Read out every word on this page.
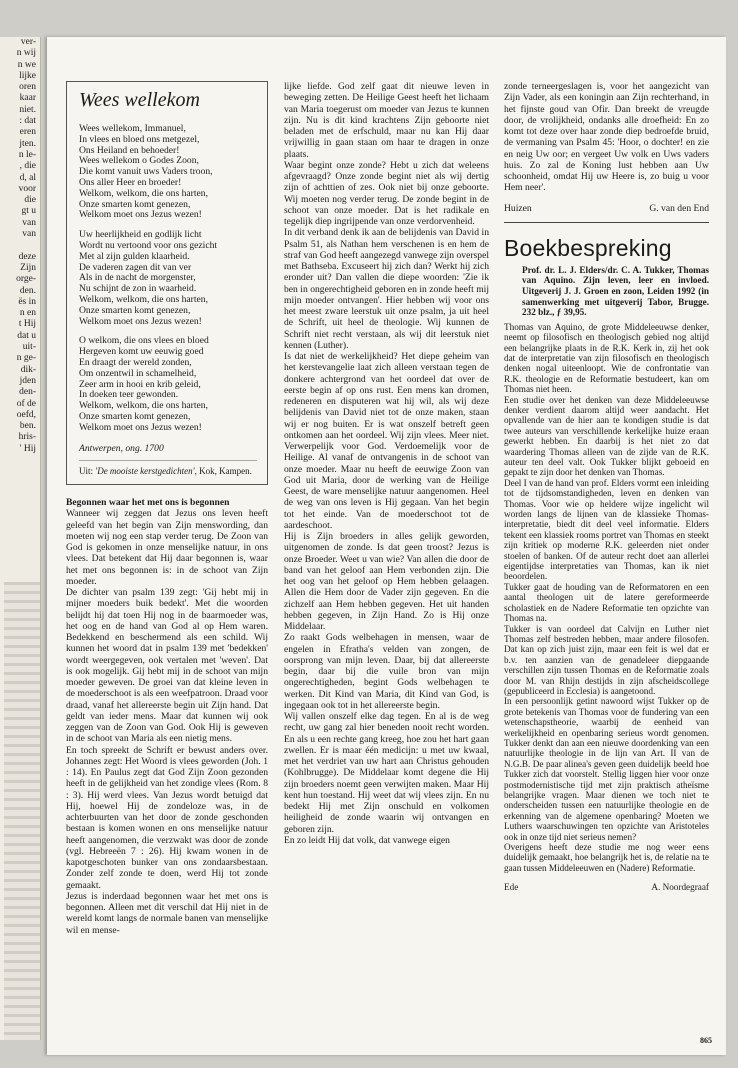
ver-
n wij
n we
lijke
oren
kaar
niet.
: dat
eren
jten.
n le-
, die
d, al
voor
die
gt u
van
van

deze
Zijn
orge-
den.
ës in
n en
t Hij
dat u
uit-
n ge-
dik-
jden
den-
of de
oefd,
ben.
hris-
' Hij
Wees wellekom
Wees wellekom, Immanuel,
In vlees en bloed ons metgezel,
Ons Heiland en behoeder!
Wees wellekom o Godes Zoon,
Die komt vanuit uws Vaders troon,
Ons aller Heer en broeder!
Welkom, welkom, die ons harten,
Onze smarten komt genezen,
Welkom moet ons Jezus wezen!
Uw heerlijkheid en godlijk licht
Wordt nu vertoond voor ons gezicht
Met al zijn gulden klaarheid.
De vaderen zagen dit van ver
Als in de nacht de morgenster,
Nu schijnt de zon in waarheid.
Welkom, welkom, die ons harten,
Onze smarten komt genezen,
Welkom moet ons Jezus wezen!
O welkom, die ons vlees en bloed
Hergeven komt uw eeuwig goed
En draagt der wereld zonden,
Om onzentwil in schamelheid,
Zeer arm in hooi en krib geleid,
In doeken teer gewonden.
Welkom, welkom, die ons harten,
Onze smarten komt genezen,
Welkom moet ons Jezus wezen!
Antwerpen, ong. 1700
Uit: 'De mooiste kerstgedichten', Kok, Kampen.

Begonnen waar het met ons is begonnen

Wanneer wij zeggen dat Jezus ons leven heeft geleefd van het begin van Zijn menswording, dan moeten wij nog een stap verder terug. De Zoon van God is gekomen in onze menselijke natuur, in ons vlees. Dat betekent dat Hij daar begonnen is, waar het met ons begonnen is: in de schoot van Zijn moeder.

De dichter van psalm 139 zegt: 'Gij hebt mij in mijner moeders buik bedekt'. Met die woorden belijdt hij dat toen Hij nog in de baarmoeder was, het oog en de hand van God al op Hem waren. Bedekkend en beschermend als een schild. Wij kunnen het woord dat in psalm 139 met 'bedekken' wordt weergegeven, ook vertalen met 'weven'. Dat is ook mogelijk. Gij hebt mij in de schoot van mijn moeder geweven. De groei van dat kleine leven in de moederschoot is als een weefpatroon. Draad voor draad, vanaf het allereerste begin uit Zijn hand. Dat geldt van ieder mens. Maar dat kunnen wij ook zeggen van de Zoon van God. Ook Hij is geweven in de schoot van Maria als een nietig mens.

En toch spreekt de Schrift er bewust anders over. Johannes zegt: Het Woord is vlees geworden (Joh. 1 : 14). En Paulus zegt dat God Zijn Zoon gezonden heeft in de gelijkheid van het zondige vlees (Rom. 8 : 3). Hij werd vlees. Van Jezus wordt betuigd dat Hij, hoewel Hij de zondeloze was, in de achterbuurten van het door de zonde geschonden bestaan is komen wonen en ons menselijke natuur heeft aangenomen, die verzwakt was door de zonde (vgl. Hebreeën 7 : 26). Hij kwam wonen in de kapotgeschoten bunker van ons zondaarsbestaan. Zonder zelf zonde te doen, werd Hij tot zonde gemaakt.

Jezus is inderdaad begonnen waar het met ons is begonnen. Alleen met dit verschil dat Hij niet in de wereld komt langs de normale banen van menselijke wil en mense-

lijke liefde. God zelf gaat dit nieuwe leven in beweging zetten. De Heilige Geest heeft het lichaam van Maria toegerust om moeder van Jezus te kunnen zijn. Nu is dit kind krachtens Zijn geboorte niet beladen met de erfschuld, maar nu kan Hij daar vrijwillig in gaan staan om haar te dragen in onze plaats.

Waar begint onze zonde? Hebt u zich dat weleens afgevraagd? Onze zonde begint niet als wij dertig zijn of achttien of zes. Ook niet bij onze geboorte. Wij moeten nog verder terug. De zonde begint in de schoot van onze moeder. Dat is het radikale en tegelijk diep ingrijpende van onze verdorvenheid.

In dit verband denk ik aan de belijdenis van David in Psalm 51, als Nathan hem verschenen is en hem de straf van God heeft aangezegd vanwege zijn overspel met Bathseba. Excuseert hij zich dan? Werkt hij zich eronder uit? Dan vallen die diepe woorden: 'Zie ik ben in ongerechtigheid geboren en in zonde heeft mij mijn moeder ontvangen'. Hier hebben wij voor ons het meest zware leerstuk uit onze psalm, ja uit heel de Schrift, uit heel de theologie. Wij kunnen de Schrift niet recht verstaan, als wij dit leerstuk niet kennen (Luther).

Is dat niet de werkelijkheid? Het diepe geheim van het kerstevangelie laat zich alleen verstaan tegen de donkere achtergrond van het oordeel dat over de eerste begin af op ons rust. Een mens kan dromen, redeneren en disputeren wat hij wil, als wij deze belijdenis van David niet tot de onze maken, staan wij er nog buiten. Er is wat onszelf betreft geen ontkomen aan het oordeel. Wij zijn vlees. Meer niet. Verwerpelijk voor God. Verdoemelijk voor de Heilige. Al vanaf de ontvangenis in de schoot van onze moeder. Maar nu heeft de eeuwige Zoon van God uit Maria, door de werking van de Heilige Geest, de ware menselijke natuur aangenomen. Heel de weg van ons leven is Hij gegaan. Van het begin tot het einde. Van de moederschoot tot de aardeschoot.

Hij is Zijn broeders in alles gelijk geworden, uitgenomen de zonde. Is dat geen troost? Jezus is onze Broeder. Weet u van wie? Van allen die door de band van het geloof aan Hem verbonden zijn. Die het oog van het geloof op Hem hebben gelaagen. Allen die Hem door de Vader zijn gegeven. En die zichzelf aan Hem hebben gegeven. Het uit handen hebben gegeven, in Zijn Hand. Zo is Hij onze Middelaar.

Zo raakt Gods welbehagen in mensen, waar de engelen in Efratha's velden van zongen, de oorsprong van mijn leven. Daar, bij dat allereerste begin, daar bij die vuile bron van mijn ongerechtigheden, begint Gods welbehagen te werken. Dit Kind van Maria, dit Kind van God, is ingegaan ook tot in het allereerste begin.

Wij vallen onszelf elke dag tegen. En al is de weg recht, uw gang zal hier beneden nooit recht worden. En als u een rechte gang kreeg, hoe zou het hart gaan zwellen. Er is maar één medicijn: u met uw kwaal, met het verdriet van uw hart aan Christus gehouden (Kohlbrugge). De Middelaar komt degene die Hij zijn broeders noemt geen verwijten maken. Maar Hij kent hun toestand. Hij weet dat wij vlees zijn. En nu bedekt Hij met Zijn onschuld en volkomen heiligheid de zonde waarin wij ontvangen en geboren zijn.

En zo leidt Hij dat volk, dat vanwege eigen

zonde terneergeslagen is, voor het aangezicht van Zijn Vader, als een koningin aan Zijn rechterhand, in het fijnste goud van Ofir. Dan breekt de vreugde door, de vrolijkheid, ondanks alle droefheid: En zo komt tot deze over haar zonde diep bedroefde bruid, de vermaning van Psalm 45: 'Hoor, o dochter! en zie en neig Uw oor; en vergeet Uw volk en Uws vaders huis. Zo zal de Koning lust hebben aan Uw schoonheid, omdat Hij uw Heere is, zo buig u voor Hem neer'.

Huizen	G. van den End
Boekbespreking

Prof. dr. L. J. Elders/dr. C. A. Tukker, Thomas van Aquino. Zijn leven, leer en invloed. Uitgeverij J. J. Groen en zoon, Leiden 1992 (in samenwerking met uitgeverij Tabor, Brugge. 232 blz., ƒ 39,95.

Thomas van Aquino, de grote Middeleeuwse denker, neemt op filosofisch en theologisch gebied nog altijd een belangrijke plaats in de R.K. Kerk in, zij het ook dat de interpretatie van zijn filosofisch en theologisch denken nogal uiteenloopt. Wie de confrontatie van R.K. theologie en de Reformatie bestudeert, kan om Thomas niet heen.

Een studie over het denken van deze Middeleeuwse denker verdient daarom altijd weer aandacht. Het opvallende van de hier aan te kondigen studie is dat twee auteurs van verschillende kerkelijke huize eraan gewerkt hebben. En daarbij is het niet zo dat waardering Thomas alleen van de zijde van de R.K. auteur ten deel valt. Ook Tukker blijkt geboeid en gepakt te zijn door het denken van Thomas.

Deel I van de hand van prof. Elders vormt een inleiding tot de tijdsomstandigheden, leven en denken van Thomas. Voor wie op heldere wijze ingelicht wil worden langs de lijnen van de klassieke Thomas-interpretatie, biedt dit deel veel informatie. Elders tekent een klassiek rooms portret van Thomas en steekt zijn kritiek op moderne R.K. geleerden niet onder stoelen of banken. Of de auteur recht doet aan allerlei eigentijdse interpretaties van Thomas, kan ik niet beoordelen.

Tukker gaat de houding van de Reformatoren en een aantal theologen uit de latere gereformeerde scholastiek en de Nadere Reformatie ten opzichte van Thomas na.

Tukker is van oordeel dat Calvijn en Luther niet Thomas zelf bestreden hebben, maar andere filosofen. Dat kan op zich juist zijn, maar een feit is wel dat er b.v. ten aanzien van de genadeleer diepgaande verschillen zijn tussen Thomas en de Reformatie zoals door M. van Rhijn destijds in zijn afscheidscollege (gepubliceerd in Ecclesia) is aangetoond.

In een persoonlijk getint nawoord wijst Tukker op de grote betekenis van Thomas voor de fundering van een wetenschapstheorie, waarbij de eenheid van werkelijkheid en openbaring serieus wordt genomen. Tukker denkt dan aan een nieuwe doordenking van een natuurlijke theologie in de lijn van Art. II van de N.G.B. De paar alinea's geven geen duidelijk beeld hoe Tukker zich dat voorstelt. Stellig liggen hier voor onze postmodernistische tijd met zijn praktisch atheïsme belangrijke vragen. Maar dienen we toch niet te onderscheiden tussen een natuurlijke theologie en de erkenning van de algemene openbaring? Moeten we Luthers waarschuwingen ten opzichte van Aristoteles ook in onze tijd niet serieus nemen?

Overigens heeft deze studie me nog weer eens duidelijk gemaakt, hoe belangrijk het is, de relatie na te gaan tussen Middeleeuwen en (Nadere) Reformatie.

Ede	A. Noordegraaf
865
